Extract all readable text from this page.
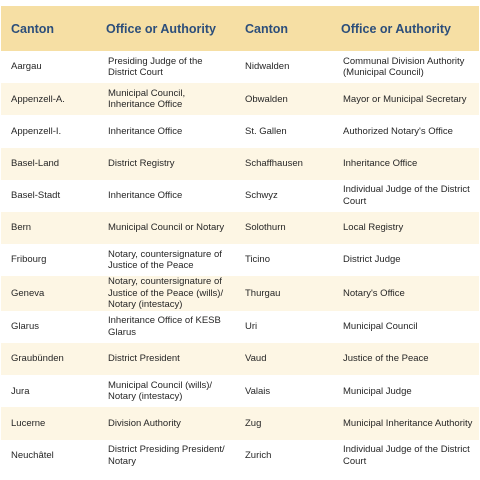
Canton	Office or Authority	Canton	Office or Authority
Aargau	Presiding Judge of the District Court	Nidwalden	Communal Division Authority (Municipal Council)
Appenzell-A.	Municipal Council, Inheritance Office	Obwalden	Mayor or Municipal Secretary
Appenzell-I.	Inheritance Office	St. Gallen	Authorized Notary's Office
Basel-Land	District Registry	Schaffhausen	Inheritance Office
Basel-Stadt	Inheritance Office	Schwyz	Individual Judge of the District Court
Bern	Municipal Council or Notary	Solothurn	Local Registry
Fribourg	Notary, countersignature of Justice of the Peace	Ticino	District Judge
Geneva	Notary, countersignature of Justice of the Peace (wills)/ Notary (intestacy)	Thurgau	Notary's Office
Glarus	Inheritance Office of KESB Glarus	Uri	Municipal Council
Graubünden	District President	Vaud	Justice of the Peace
Jura	Municipal Council (wills)/ Notary (intestacy)	Valais	Municipal Judge
Lucerne	Division Authority	Zug	Municipal Inheritance Authority
Neuchâtel	District Presiding President/ Notary	Zurich	Individual Judge of the District Court
